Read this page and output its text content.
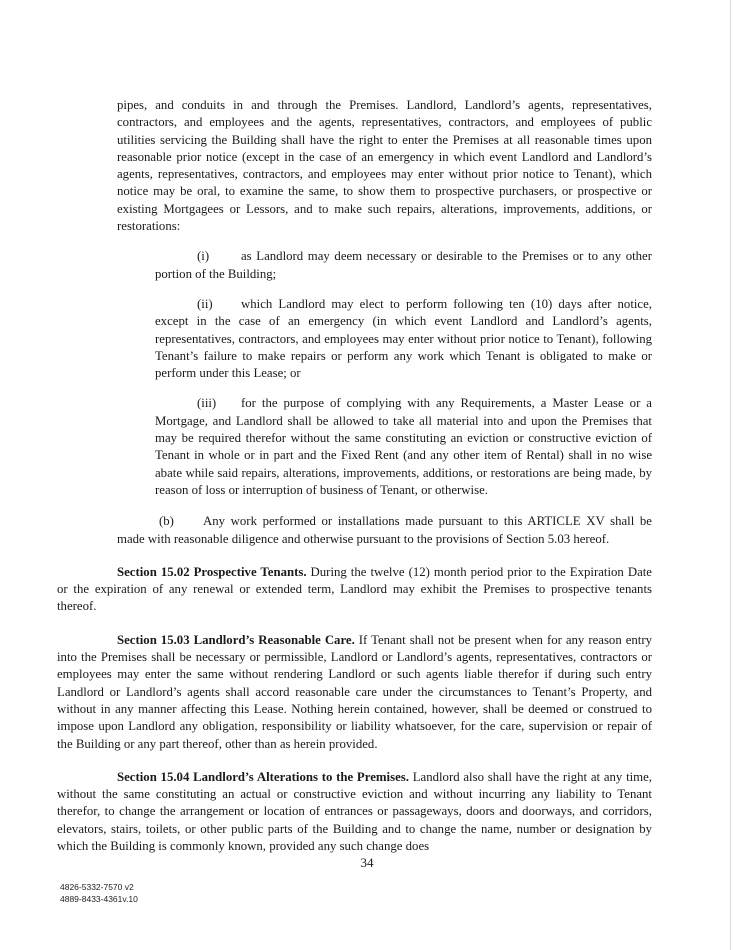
pipes, and conduits in and through the Premises. Landlord, Landlord’s agents, representatives, contractors, and employees and the agents, representatives, contractors, and employees of public utilities servicing the Building shall have the right to enter the Premises at all reasonable times upon reasonable prior notice (except in the case of an emergency in which event Landlord and Landlord’s agents, representatives, contractors, and employees may enter without prior notice to Tenant), which notice may be oral, to examine the same, to show them to prospective purchasers, or prospective or existing Mortgagees or Lessors, and to make such repairs, alterations, improvements, additions, or restorations:

(i) as Landlord may deem necessary or desirable to the Premises or to any other portion of the Building;

(ii) which Landlord may elect to perform following ten (10) days after notice, except in the case of an emergency (in which event Landlord and Landlord’s agents, representatives, contractors, and employees may enter without prior notice to Tenant), following Tenant’s failure to make repairs or perform any work which Tenant is obligated to make or perform under this Lease; or

(iii) for the purpose of complying with any Requirements, a Master Lease or a Mortgage, and Landlord shall be allowed to take all material into and upon the Premises that may be required therefor without the same constituting an eviction or constructive eviction of Tenant in whole or in part and the Fixed Rent (and any other item of Rental) shall in no wise abate while said repairs, alterations, improvements, additions, or restorations are being made, by reason of loss or interruption of business of Tenant, or otherwise.

(b) Any work performed or installations made pursuant to this ARTICLE XV shall be made with reasonable diligence and otherwise pursuant to the provisions of Section 5.03 hereof.

Section 15.02 Prospective Tenants. During the twelve (12) month period prior to the Expiration Date or the expiration of any renewal or extended term, Landlord may exhibit the Premises to prospective tenants thereof.
Section 15.03 Landlord’s Reasonable Care. If Tenant shall not be present when for any reason entry into the Premises shall be necessary or permissible, Landlord or Landlord’s agents, representatives, contractors or employees may enter the same without rendering Landlord or such agents liable therefor if during such entry Landlord or Landlord’s agents shall accord reasonable care under the circumstances to Tenant’s Property, and without in any manner affecting this Lease. Nothing herein contained, however, shall be deemed or construed to impose upon Landlord any obligation, responsibility or liability whatsoever, for the care, supervision or repair of the Building or any part thereof, other than as herein provided.
Section 15.04 Landlord’s Alterations to the Premises. Landlord also shall have the right at any time, without the same constituting an actual or constructive eviction and without incurring any liability to Tenant therefor, to change the arrangement or location of entrances or passageways, doors and doorways, and corridors, elevators, stairs, toilets, or other public parts of the Building and to change the name, number or designation by which the Building is commonly known, provided any such change does
34
4826-5332-7570 v2
4889-8433-4361v.10
